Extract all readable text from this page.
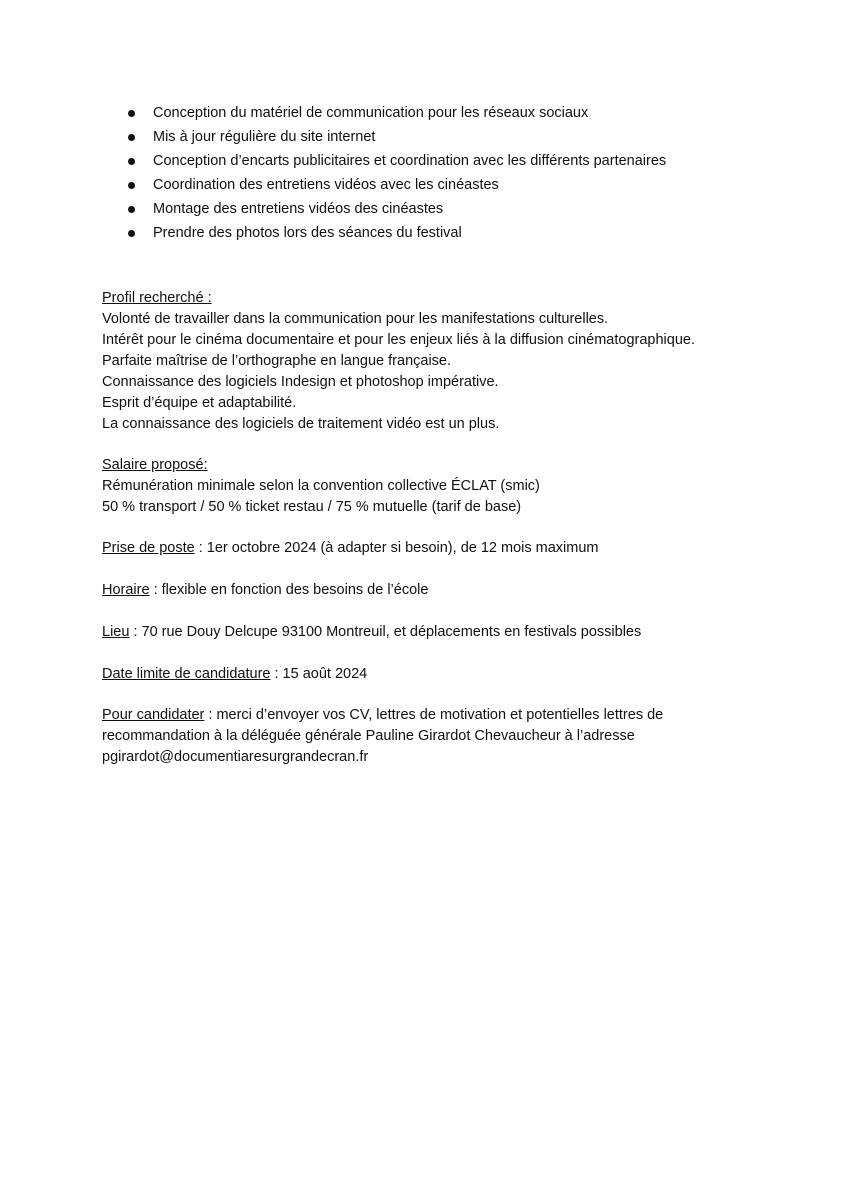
Conception du matériel de communication pour les réseaux sociaux
Mis à jour régulière du site internet
Conception d’encarts publicitaires et coordination avec les différents partenaires
Coordination des entretiens vidéos avec les cinéastes
Montage des entretiens vidéos des cinéastes
Prendre des photos lors des séances du festival

Profil recherché :

Volonté de travailler dans la communication pour les manifestations culturelles.

Intérêt pour le cinéma documentaire et pour les enjeux liés à la diffusion cinématographique.

Parfaite maîtrise de l’orthographe en langue française.

Connaissance des logiciels Indesign et photoshop impérative.

Esprit d’équipe et adaptabilité.

La connaissance des logiciels de traitement vidéo est un plus.

Salaire proposé:

Rémunération minimale selon la convention collective ÉCLAT (smic)

50 % transport / 50 % ticket restau / 75 % mutuelle (tarif de base)

Prise de poste : 1er octobre 2024 (à adapter si besoin), de 12 mois maximum

Horaire : flexible en fonction des besoins de l’école

Lieu : 70 rue Douy Delcupe 93100 Montreuil, et déplacements en festivals possibles

Date limite de candidature : 15 août 2024

Pour candidater : merci d’envoyer vos CV, lettres de motivation et potentielles lettres de

recommandation à la déléguée générale Pauline Girardot Chevaucheur à l’adresse

pgirardot@documentiaresurgrandecran.fr
